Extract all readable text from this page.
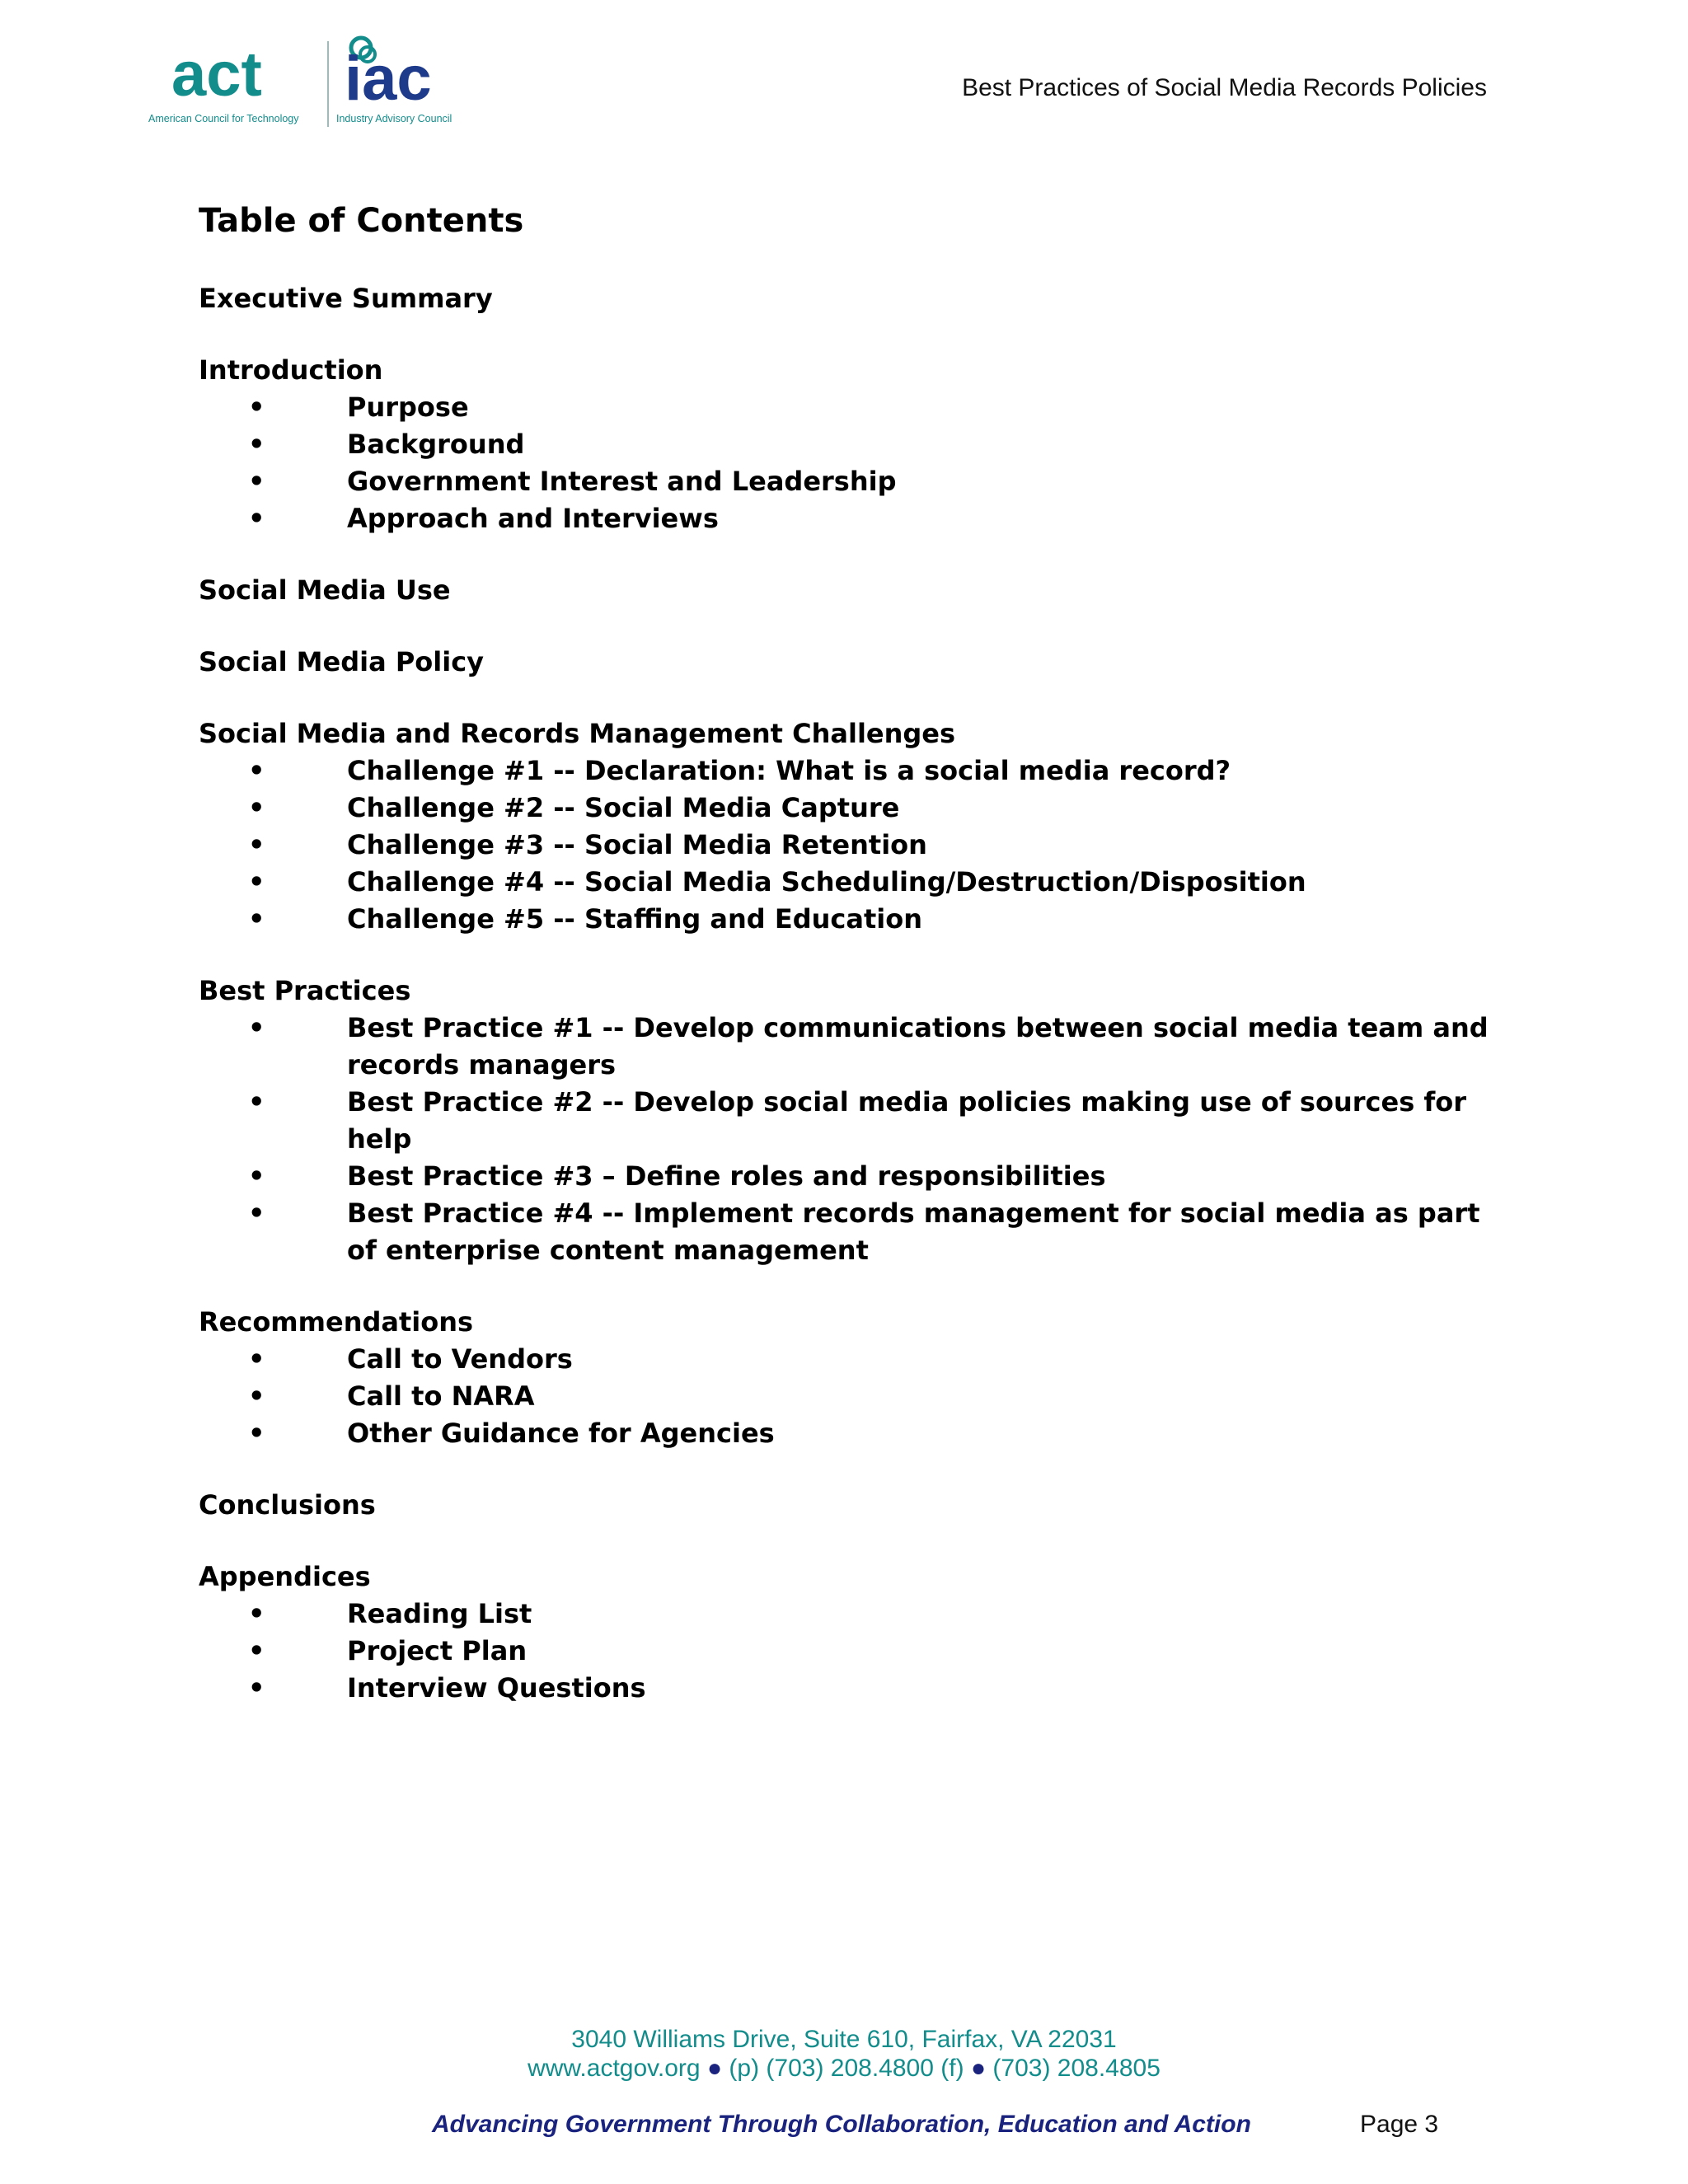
act iac
American Council for Technology	Industry Advisory Council
Best Practices of Social Media Records Policies
Table of Contents
Executive Summary
Introduction
•	Purpose
•	Background
•	Government Interest and Leadership
•	Approach and Interviews
Social Media Use
Social Media Policy
Social Media and Records Management Challenges
•	Challenge #1 -- Declaration: What is a social media record?
•	Challenge #2 -- Social Media Capture
•	Challenge #3 -- Social Media Retention
•	Challenge #4 -- Social Media Scheduling/Destruction/Disposition
•	Challenge #5 -- Staffing and Education
Best Practices
•	Best Practice #1 -- Develop communications between social media team and records managers
•	Best Practice #2 -- Develop social media policies making use of sources for help
•	Best Practice #3 – Define roles and responsibilities
•	Best Practice #4 -- Implement records management for social media as part of enterprise content management
Recommendations
•	Call to Vendors
•	Call to NARA
•	Other Guidance for Agencies
Conclusions
Appendices
•	Reading List
•	Project Plan
•	Interview Questions
3040 Williams Drive, Suite 610, Fairfax, VA 22031
www.actgov.org ● (p) (703) 208.4800 (f) ● (703) 208.4805
Advancing Government Through Collaboration, Education and Action	Page 3
